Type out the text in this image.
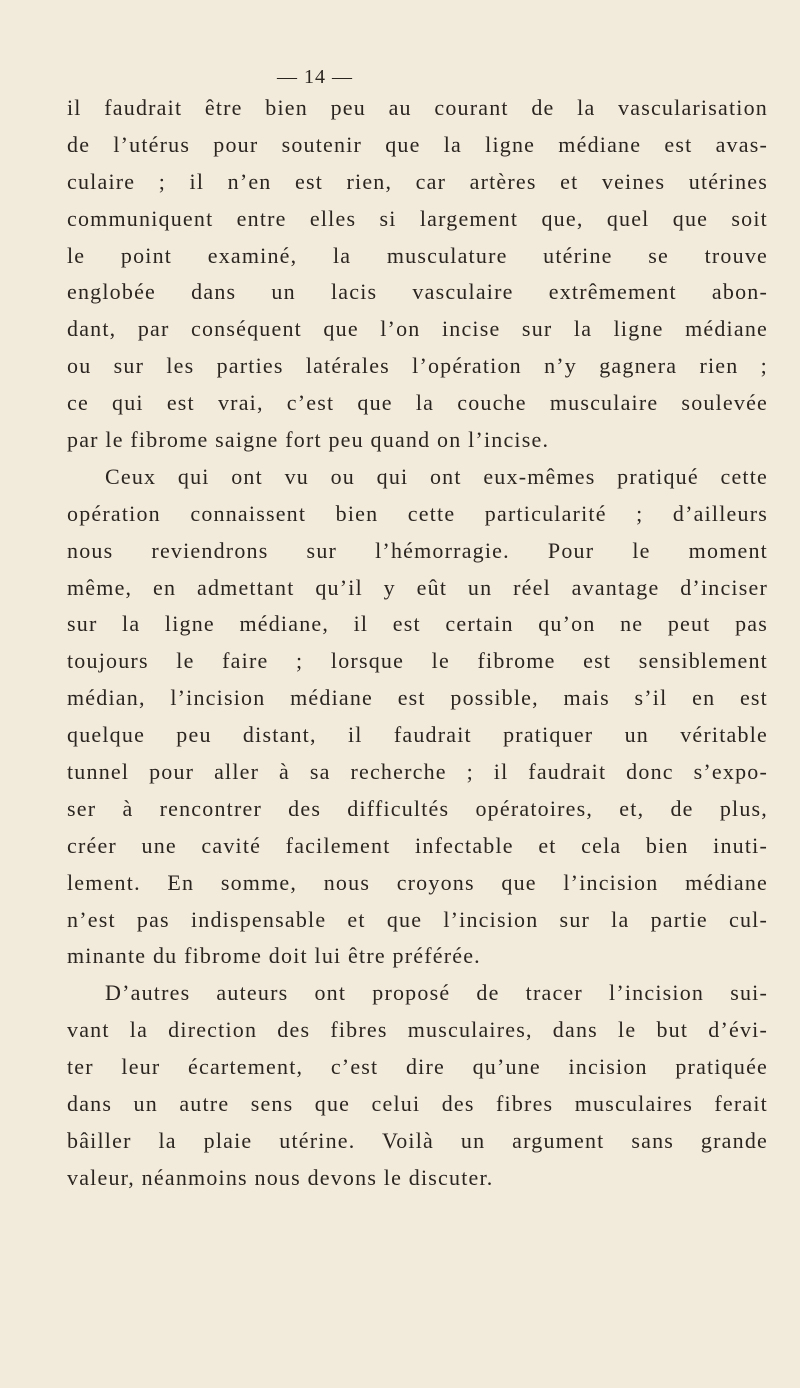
— 14 —
il faudrait être bien peu au courant de la vascularisation
de l’utérus pour soutenir que la ligne médiane est avas-
culaire ; il n’en est rien, car artères et veines utérines
communiquent entre elles si largement que, quel que soit
le point examiné, la musculature utérine se trouve
englobée dans un lacis vasculaire extrêmement abon-
dant, par conséquent que l’on incise sur la ligne médiane
ou sur les parties latérales l’opération n’y gagnera rien ;
ce qui est vrai, c’est que la couche musculaire soulevée
par le fibrome saigne fort peu quand on l’incise.
Ceux qui ont vu ou qui ont eux-mêmes pratiqué cette
opération connaissent bien cette particularité ; d’ailleurs
nous reviendrons sur l’hémorragie. Pour le moment
même, en admettant qu’il y eût un réel avantage d’inciser
sur la ligne médiane, il est certain qu’on ne peut pas
toujours le faire ; lorsque le fibrome est sensiblement
médian, l’incision médiane est possible, mais s’il en est
quelque peu distant, il faudrait pratiquer un véritable
tunnel pour aller à sa recherche ; il faudrait donc s’expo-
ser à rencontrer des difficultés opératoires, et, de plus,
créer une cavité facilement infectable et cela bien inuti-
lement. En somme, nous croyons que l’incision médiane
n’est pas indispensable et que l’incision sur la partie cul-
minante du fibrome doit lui être préférée.
D’autres auteurs ont proposé de tracer l’incision sui-
vant la direction des fibres musculaires, dans le but d’évi-
ter leur écartement, c’est dire qu’une incision pratiquée
dans un autre sens que celui des fibres musculaires ferait
bâiller la plaie utérine. Voilà un argument sans grande
valeur, néanmoins nous devons le discuter.
